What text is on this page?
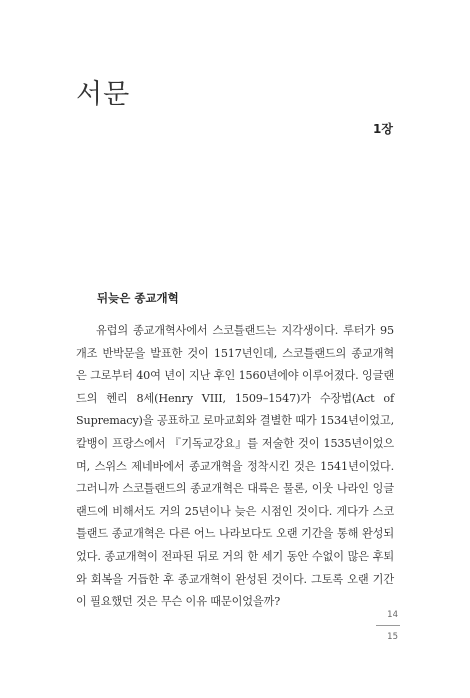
서문
1장
뒤늦은 종교개혁

유럽의 종교개혁사에서 스코틀랜드는 지각생이다. 루터가 95개조 반박문을 발표한 것이 1517년인데, 스코틀랜드의 종교개혁은 그로부터 40여 년이 지난 후인 1560년에야 이루어졌다. 잉글랜드의 헨리 8세(Henry VIII, 1509–1547)가 수장법(Act of Supremacy)을 공표하고 로마교회와 결별한 때가 1534년이었고, 칼뱅이 프랑스에서 『기독교강요』를 저술한 것이 1535년이었으며, 스위스 제네바에서 종교개혁을 정착시킨 것은 1541년이었다. 그러니까 스코틀랜드의 종교개혁은 대륙은 물론, 이웃 나라인 잉글랜드에 비해서도 거의 25년이나 늦은 시점인 것이다. 게다가 스코틀랜드 종교개혁은 다른 어느 나라보다도 오랜 기간을 통해 완성되었다. 종교개혁이 전파된 뒤로 거의 한 세기 동안 수없이 많은 후퇴와 회복을 거듭한 후 종교개혁이 완성된 것이다. 그토록 오랜 기간이 필요했던 것은 무슨 이유 때문이었을까?

14
15
